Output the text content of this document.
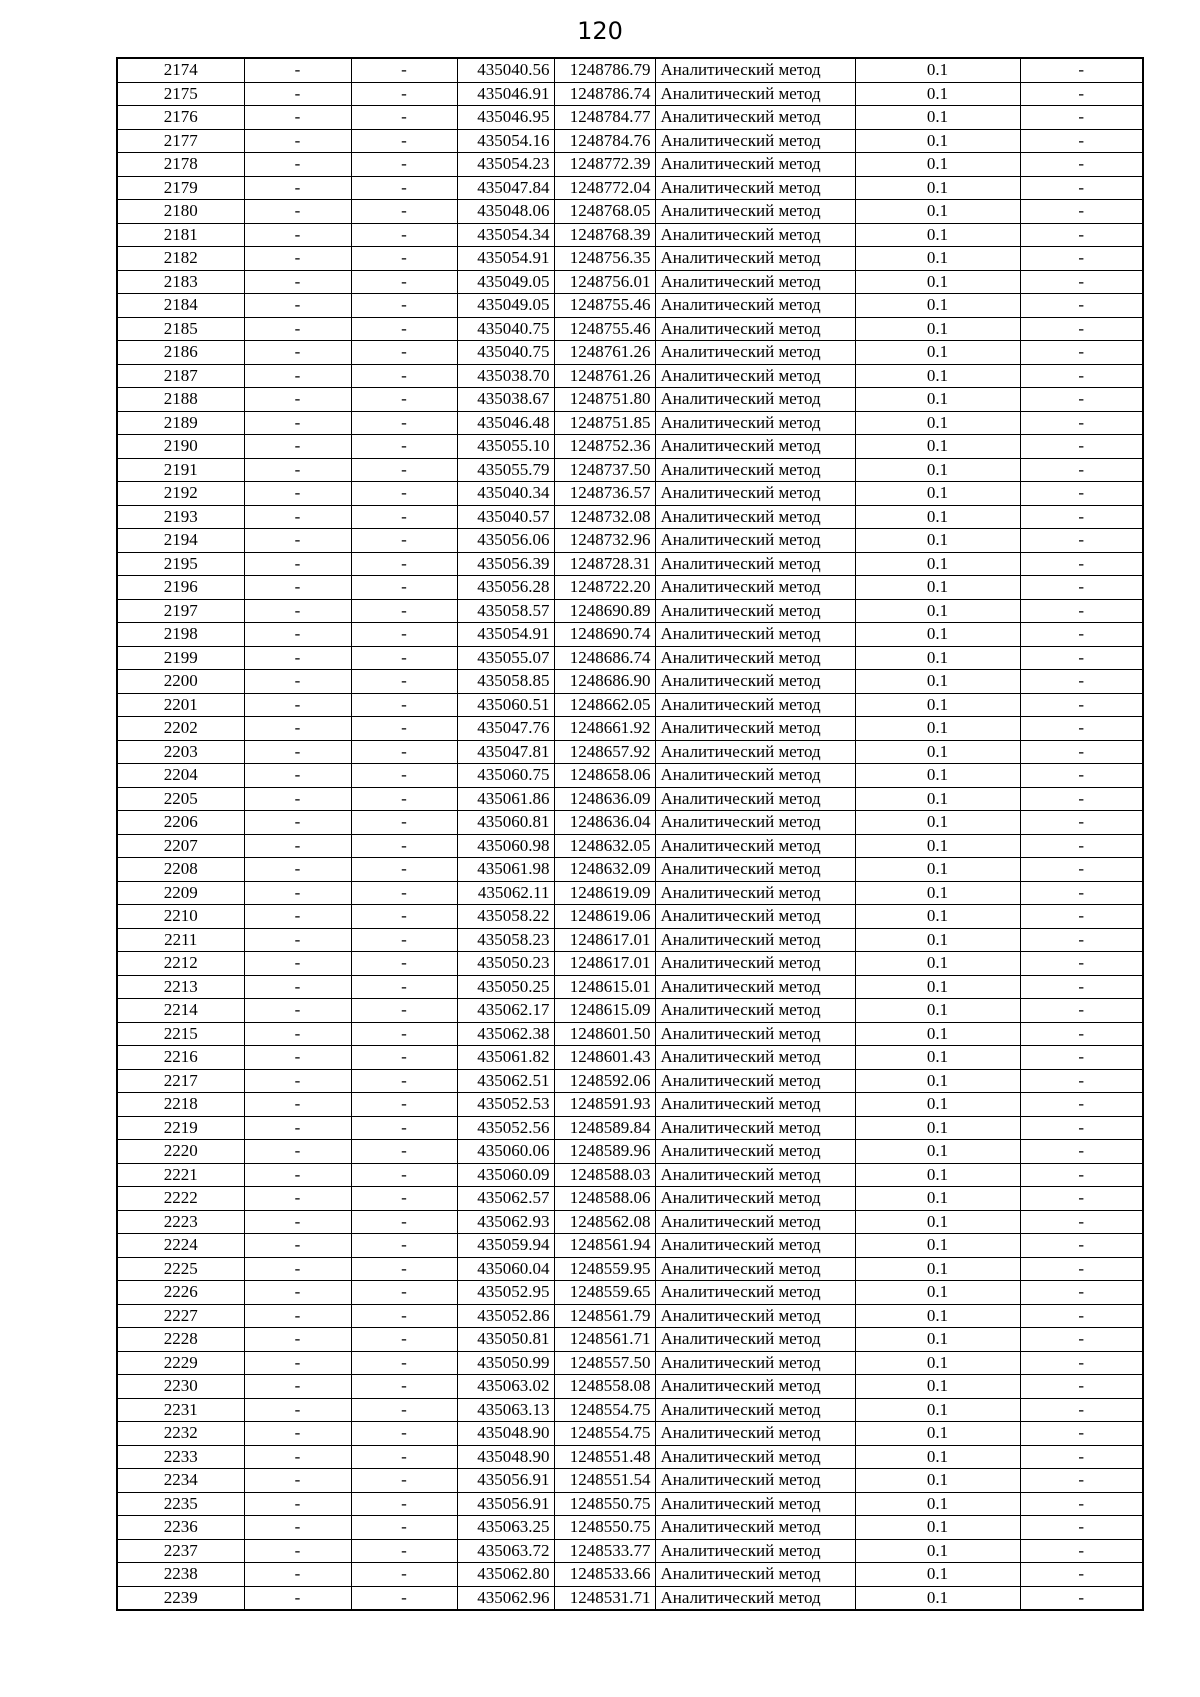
120
2174	-	-	435040.56	1248786.79	Аналитический метод	0.1	-
2175	-	-	435046.91	1248786.74	Аналитический метод	0.1	-
2176	-	-	435046.95	1248784.77	Аналитический метод	0.1	-
2177	-	-	435054.16	1248784.76	Аналитический метод	0.1	-
2178	-	-	435054.23	1248772.39	Аналитический метод	0.1	-
2179	-	-	435047.84	1248772.04	Аналитический метод	0.1	-
2180	-	-	435048.06	1248768.05	Аналитический метод	0.1	-
2181	-	-	435054.34	1248768.39	Аналитический метод	0.1	-
2182	-	-	435054.91	1248756.35	Аналитический метод	0.1	-
2183	-	-	435049.05	1248756.01	Аналитический метод	0.1	-
2184	-	-	435049.05	1248755.46	Аналитический метод	0.1	-
2185	-	-	435040.75	1248755.46	Аналитический метод	0.1	-
2186	-	-	435040.75	1248761.26	Аналитический метод	0.1	-
2187	-	-	435038.70	1248761.26	Аналитический метод	0.1	-
2188	-	-	435038.67	1248751.80	Аналитический метод	0.1	-
2189	-	-	435046.48	1248751.85	Аналитический метод	0.1	-
2190	-	-	435055.10	1248752.36	Аналитический метод	0.1	-
2191	-	-	435055.79	1248737.50	Аналитический метод	0.1	-
2192	-	-	435040.34	1248736.57	Аналитический метод	0.1	-
2193	-	-	435040.57	1248732.08	Аналитический метод	0.1	-
2194	-	-	435056.06	1248732.96	Аналитический метод	0.1	-
2195	-	-	435056.39	1248728.31	Аналитический метод	0.1	-
2196	-	-	435056.28	1248722.20	Аналитический метод	0.1	-
2197	-	-	435058.57	1248690.89	Аналитический метод	0.1	-
2198	-	-	435054.91	1248690.74	Аналитический метод	0.1	-
2199	-	-	435055.07	1248686.74	Аналитический метод	0.1	-
2200	-	-	435058.85	1248686.90	Аналитический метод	0.1	-
2201	-	-	435060.51	1248662.05	Аналитический метод	0.1	-
2202	-	-	435047.76	1248661.92	Аналитический метод	0.1	-
2203	-	-	435047.81	1248657.92	Аналитический метод	0.1	-
2204	-	-	435060.75	1248658.06	Аналитический метод	0.1	-
2205	-	-	435061.86	1248636.09	Аналитический метод	0.1	-
2206	-	-	435060.81	1248636.04	Аналитический метод	0.1	-
2207	-	-	435060.98	1248632.05	Аналитический метод	0.1	-
2208	-	-	435061.98	1248632.09	Аналитический метод	0.1	-
2209	-	-	435062.11	1248619.09	Аналитический метод	0.1	-
2210	-	-	435058.22	1248619.06	Аналитический метод	0.1	-
2211	-	-	435058.23	1248617.01	Аналитический метод	0.1	-
2212	-	-	435050.23	1248617.01	Аналитический метод	0.1	-
2213	-	-	435050.25	1248615.01	Аналитический метод	0.1	-
2214	-	-	435062.17	1248615.09	Аналитический метод	0.1	-
2215	-	-	435062.38	1248601.50	Аналитический метод	0.1	-
2216	-	-	435061.82	1248601.43	Аналитический метод	0.1	-
2217	-	-	435062.51	1248592.06	Аналитический метод	0.1	-
2218	-	-	435052.53	1248591.93	Аналитический метод	0.1	-
2219	-	-	435052.56	1248589.84	Аналитический метод	0.1	-
2220	-	-	435060.06	1248589.96	Аналитический метод	0.1	-
2221	-	-	435060.09	1248588.03	Аналитический метод	0.1	-
2222	-	-	435062.57	1248588.06	Аналитический метод	0.1	-
2223	-	-	435062.93	1248562.08	Аналитический метод	0.1	-
2224	-	-	435059.94	1248561.94	Аналитический метод	0.1	-
2225	-	-	435060.04	1248559.95	Аналитический метод	0.1	-
2226	-	-	435052.95	1248559.65	Аналитический метод	0.1	-
2227	-	-	435052.86	1248561.79	Аналитический метод	0.1	-
2228	-	-	435050.81	1248561.71	Аналитический метод	0.1	-
2229	-	-	435050.99	1248557.50	Аналитический метод	0.1	-
2230	-	-	435063.02	1248558.08	Аналитический метод	0.1	-
2231	-	-	435063.13	1248554.75	Аналитический метод	0.1	-
2232	-	-	435048.90	1248554.75	Аналитический метод	0.1	-
2233	-	-	435048.90	1248551.48	Аналитический метод	0.1	-
2234	-	-	435056.91	1248551.54	Аналитический метод	0.1	-
2235	-	-	435056.91	1248550.75	Аналитический метод	0.1	-
2236	-	-	435063.25	1248550.75	Аналитический метод	0.1	-
2237	-	-	435063.72	1248533.77	Аналитический метод	0.1	-
2238	-	-	435062.80	1248533.66	Аналитический метод	0.1	-
2239	-	-	435062.96	1248531.71	Аналитический метод	0.1	-
